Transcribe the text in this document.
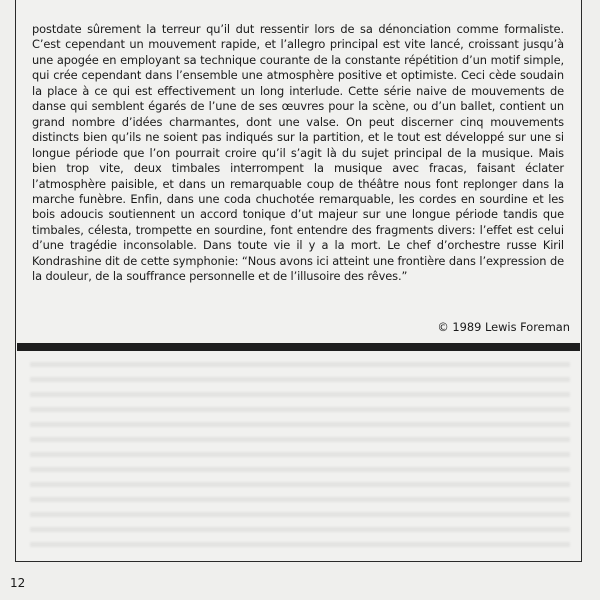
postdate sûrement la terreur qu’il dut ressentir lors de sa dénonciation comme formaliste. C’est cependant un mouvement rapide, et l’allegro principal est vite lancé, croissant jusqu’à une apogée en employant sa technique courante de la constante répétition d’un motif simple, qui crée cependant dans l’ensemble une atmosphère positive et optimiste. Ceci cède soudain la place à ce qui est effectivement un long interlude. Cette série naive de mouvements de danse qui semblent égarés de l’une de ses œuvres pour la scène, ou d’un ballet, contient un grand nombre d’idées charmantes, dont une valse. On peut discerner cinq mouvements distincts bien qu’ils ne soient pas indiqués sur la partition, et le tout est développé sur une si longue période que l’on pourrait croire qu’il s’agit là du sujet principal de la musique. Mais bien trop vite, deux timbales interrompent la musique avec fracas, faisant éclater l’atmosphère paisible, et dans un remarquable coup de théâtre nous font replonger dans la marche funèbre. Enfin, dans une coda chuchotée remarquable, les cordes en sourdine et les bois adoucis soutiennent un accord tonique d’ut majeur sur une longue période tandis que timbales, célesta, trompette en sourdine, font entendre des fragments divers: l’effet est celui d’une tragédie inconsolable. Dans toute vie il y a la mort. Le chef d’orchestre russe Kiril Kondrashine dit de cette symphonie: “Nous avons ici atteint une frontière dans l’expression de la douleur, de la souffrance personnelle et de l’illusoire des rêves.”

© 1989 Lewis Foreman
12
